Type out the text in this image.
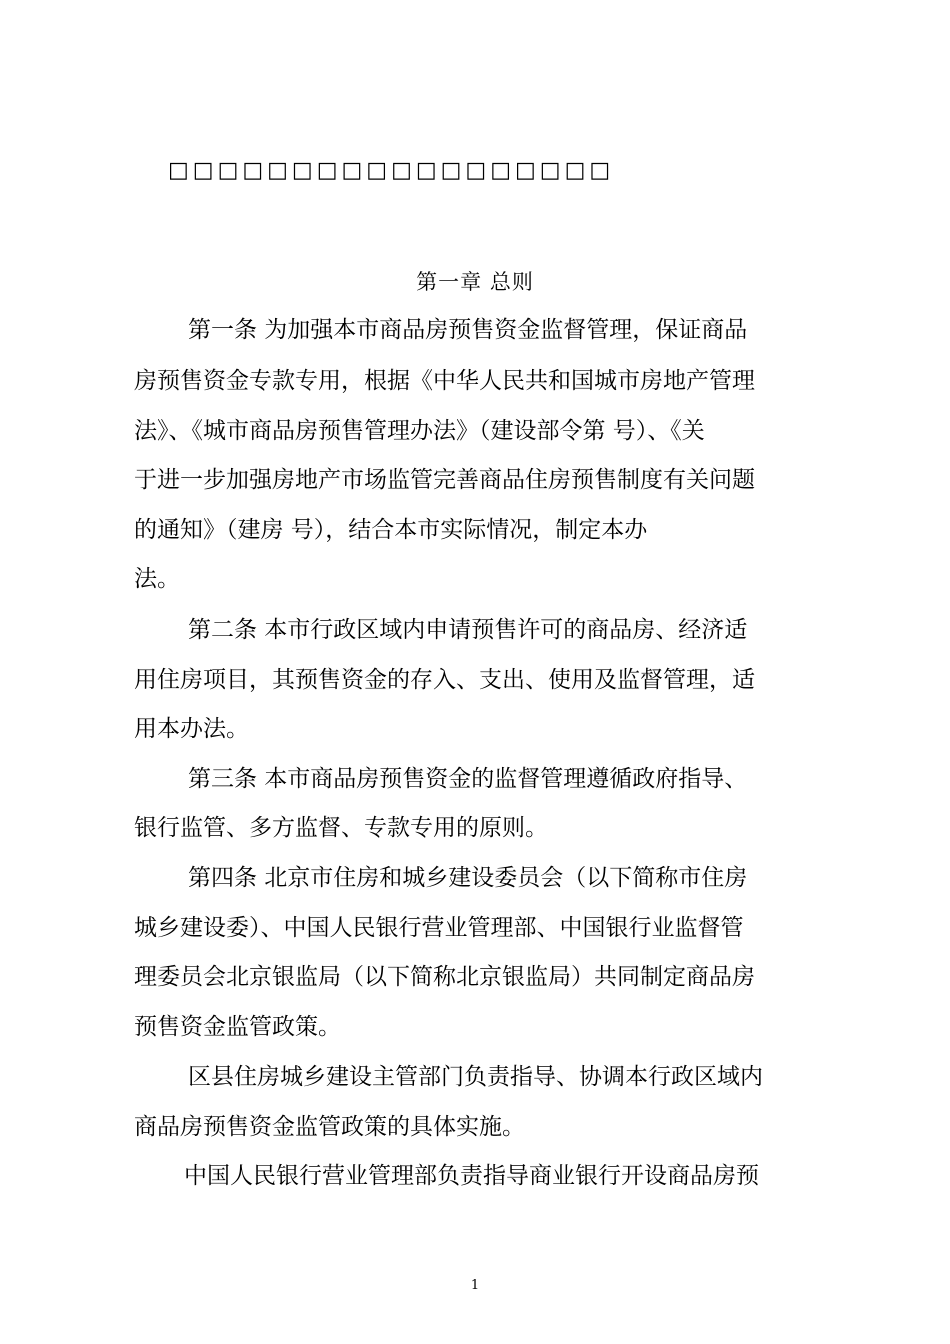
□□□□□□□□□□□□□□□□□□
第一章 总则
第一条 为加强本市商品房预售资金监督管理，保证商品
房预售资金专款专用，根据《中华人民共和国城市房地产管理
法》、《城市商品房预售管理办法》（建设部令第 号）、《关
于进一步加强房地产市场监管完善商品住房预售制度有关问题
的通知》（建房 号），结合本市实际情况，制定本办
法。
第二条 本市行政区域内申请预售许可的商品房、经济适
用住房项目，其预售资金的存入、支出、使用及监督管理，适
用本办法。
第三条 本市商品房预售资金的监督管理遵循政府指导、
银行监管、多方监督、专款专用的原则。
第四条 北京市住房和城乡建设委员会（以下简称市住房
城乡建设委）、中国人民银行营业管理部、中国银行业监督管
理委员会北京银监局（以下简称北京银监局）共同制定商品房
预售资金监管政策。
区县住房城乡建设主管部门负责指导、协调本行政区域内
商品房预售资金监管政策的具体实施。
中国人民银行营业管理部负责指导商业银行开设商品房预
1
